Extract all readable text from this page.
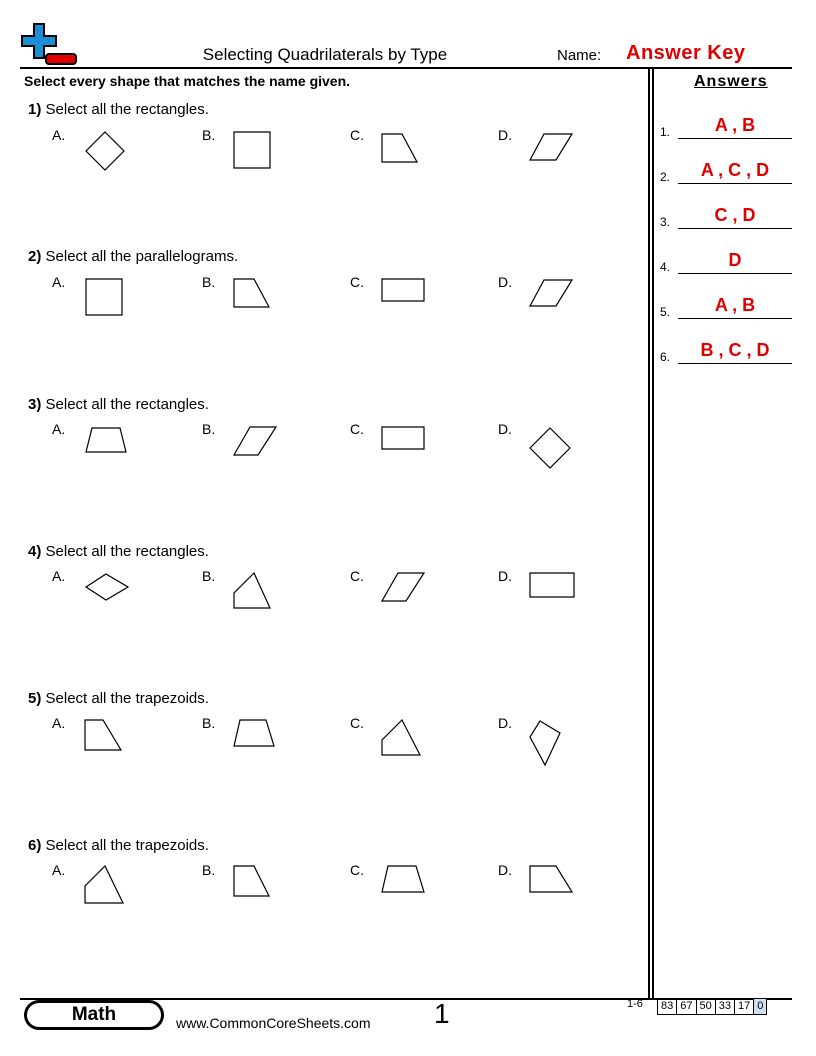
Selecting Quadrilaterals by Type	Name: Answer Key
Select every shape that matches the name given.	Answers
1) Select all the rectangles.
A.	B.	C.	D.
2) Select all the parallelograms.
A.	B.	C.	D.
3) Select all the rectangles.
A.	B.	C.	D.
4) Select all the rectangles.
A.	B.	C.	D.
5) Select all the trapezoids.
A.	B.	C.	D.
6) Select all the trapezoids.
A.	B.	C.	D.
1.	A , B
2.	A , C , D
3.	C , D
4.	D
5.	A , B
6.	B , C , D
Math	www.CommonCoreSheets.com 1	1-6 83 67 50 33 17 0
